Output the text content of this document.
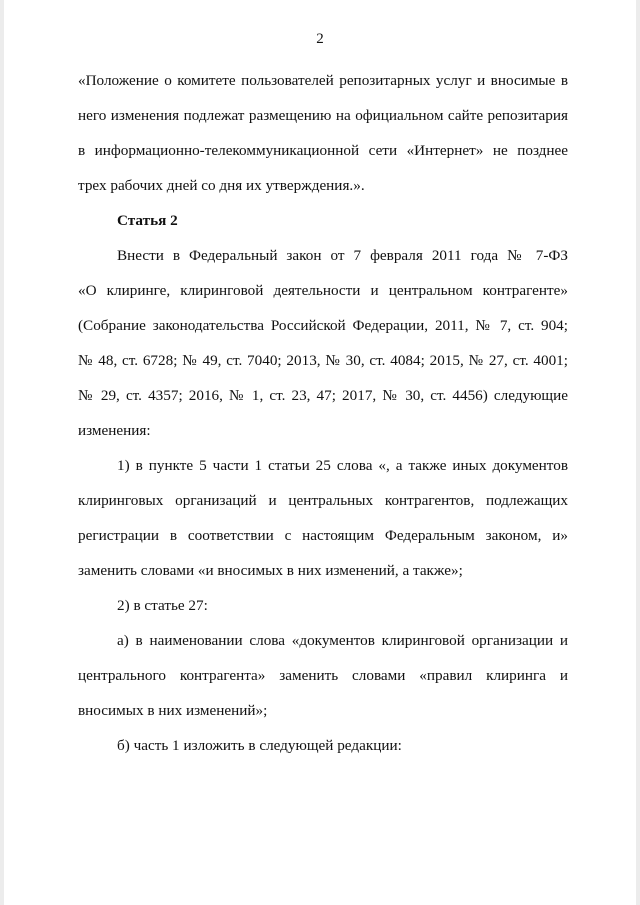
2
«Положение о комитете пользователей репозитарных услуг и вносимые в
него изменения подлежат размещению на официальном сайте репозитария
в информационно-телекоммуникационной сети «Интернет» не позднее
трех рабочих дней со дня их утверждения.».
Статья 2
Внести в Федеральный закон от 7 февраля 2011 года № 7-ФЗ
«О клиринге, клиринговой деятельности и центральном контрагенте»
(Собрание законодательства Российской Федерации, 2011, № 7, ст. 904;
№ 48, ст. 6728; № 49, ст. 7040; 2013, № 30, ст. 4084; 2015, № 27, ст. 4001;
№ 29, ст. 4357; 2016, № 1, ст. 23, 47; 2017, № 30, ст. 4456) следующие
изменения:
1) в пункте 5 части 1 статьи 25 слова «, а также иных документов
клиринговых организаций и центральных контрагентов, подлежащих
регистрации в соответствии с настоящим Федеральным законом, и»
заменить словами «и вносимых в них изменений, а также»;
2) в статье 27:
а) в наименовании слова «документов клиринговой организации и
центрального контрагента» заменить словами «правил клиринга и
вносимых в них изменений»;
б) часть 1 изложить в следующей редакции:
